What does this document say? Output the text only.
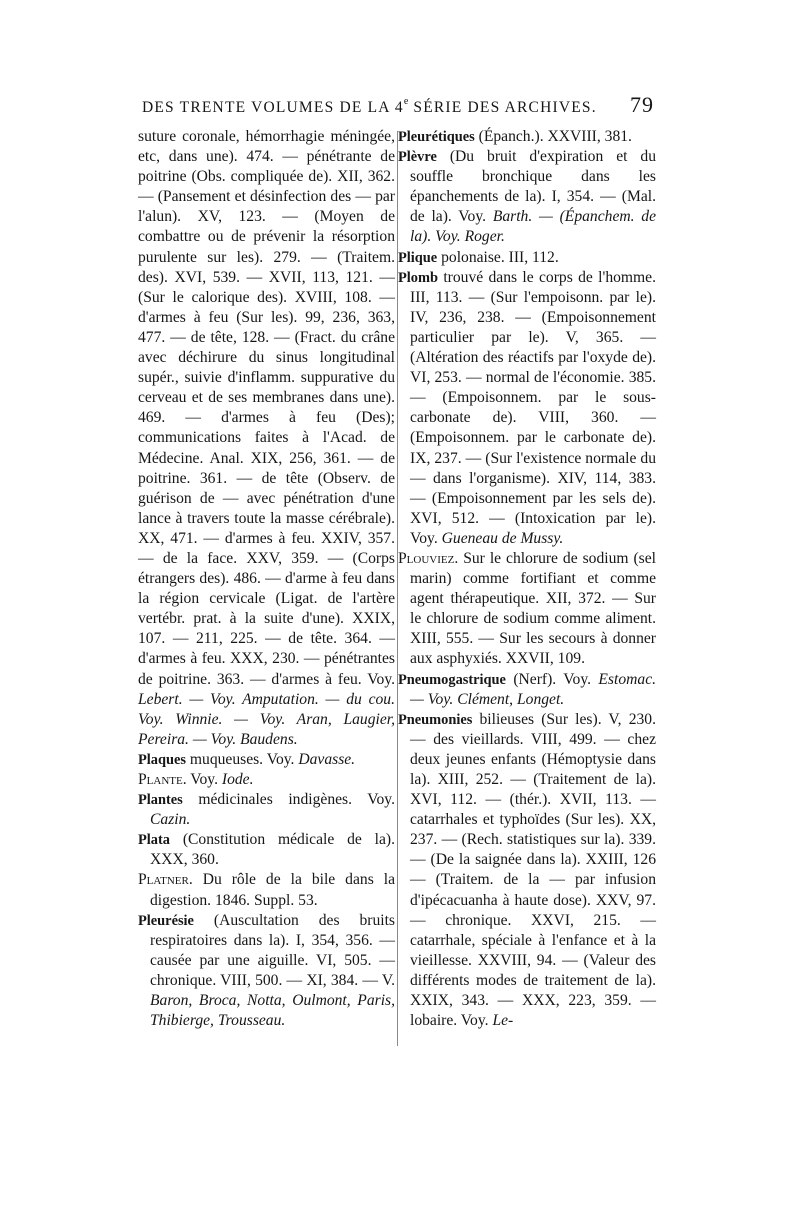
DES TRENTE VOLUMES DE LA 4e SÉRIE DES ARCHIVES. 79

suture coronale, hémorrhagie méningée, etc, dans une). 474. — pénétrante de poitrine (Obs. compliquée de). XII, 362. — (Pansement et désinfection des — par l'alun). XV, 123. — (Moyen de combattre ou de prévenir la résorption purulente sur les). 279. — (Traitem. des). XVI, 539. — XVII, 113, 121. — (Sur le calorique des). XVIII, 108. — d'armes à feu (Sur les). 99, 236, 363, 477. — de tête, 128. — (Fract. du crâne avec déchirure du sinus longitudinal supér., suivie d'inflamm. suppurative du cerveau et de ses membranes dans une). 469. — d'armes à feu (Des); communications faites à l'Acad. de Médecine. Anal. XIX, 256, 361. — de poitrine. 361. — de tête (Observ. de guérison de — avec pénétration d'une lance à travers toute la masse cérébrale). XX, 471. — d'armes à feu. XXIV, 357. — de la face. XXV, 359. — (Corps étrangers des). 486. — d'arme à feu dans la région cervicale (Ligat. de l'artère vertébr. prat. à la suite d'une). XXIX, 107. — 211, 225. — de tête. 364. — d'armes à feu. XXX, 230. — pénétrantes de poitrine. 363. — d'armes à feu. Voy. Lebert. — Voy. Amputation. — du cou. Voy. Winnie. — Voy. Aran, Laugier, Pereira. — Voy. Baudens.

Plaques muqueuses. Voy. Davasse.

Plante. Voy. Iode.

Plantes médicinales indigènes. Voy. Cazin.

Plata (Constitution médicale de la). XXX, 360.

Platner. Du rôle de la bile dans la digestion. 1846. Suppl. 53.

Pleurésie (Auscultation des bruits respiratoires dans la). I, 354, 356. — causée par une aiguille. VI, 505. — chronique. VIII, 500. — XI, 384. — V. Baron, Broca, Notta, Oulmont, Paris, Thibierge, Trousseau.

Pleurétiques (Épanch.). XXVIII, 381.

Plèvre (Du bruit d'expiration et du souffle bronchique dans les épanchements de la). I, 354. — (Mal. de la). Voy. Barth. — (Épanchem. de la). Voy. Roger.

Plique polonaise. III, 112.

Plomb trouvé dans le corps de l'homme. III, 113. — (Sur l'empoisonn. par le). IV, 236, 238. — (Empoisonnement particulier par le). V, 365. — (Altération des réactifs par l'oxyde de). VI, 253. — normal de l'économie. 385. — (Empoisonnem. par le sous-carbonate de). VIII, 360. — (Empoisonnem. par le carbonate de). IX, 237. — (Sur l'existence normale du — dans l'organisme). XIV, 114, 383. — (Empoisonnement par les sels de). XVI, 512. — (Intoxication par le). Voy. Gueneau de Mussy.

Plouviez. Sur le chlorure de sodium (sel marin) comme fortifiant et comme agent thérapeutique. XII, 372. — Sur le chlorure de sodium comme aliment. XIII, 555. — Sur les secours à donner aux asphyxiés. XXVII, 109.

Pneumogastrique (Nerf). Voy. Estomac. — Voy. Clément, Longet.

Pneumonies bilieuses (Sur les). V, 230. — des vieillards. VIII, 499. — chez deux jeunes enfants (Hémoptysie dans la). XIII, 252. — (Traitement de la). XVI, 112. — (thér.). XVII, 113. — catarrhales et typhoïdes (Sur les). XX, 237. — (Rech. statistiques sur la). 339. — (De la saignée dans la). XXIII, 126 — (Traitem. de la — par infusion d'ipécacuanha à haute dose). XXV, 97. — chronique. XXVI, 215. — catarrhale, spéciale à l'enfance et à la vieillesse. XXVIII, 94. — (Valeur des différents modes de traitement de la). XXIX, 343. — XXX, 223, 359. — lobaire. Voy. Le-
